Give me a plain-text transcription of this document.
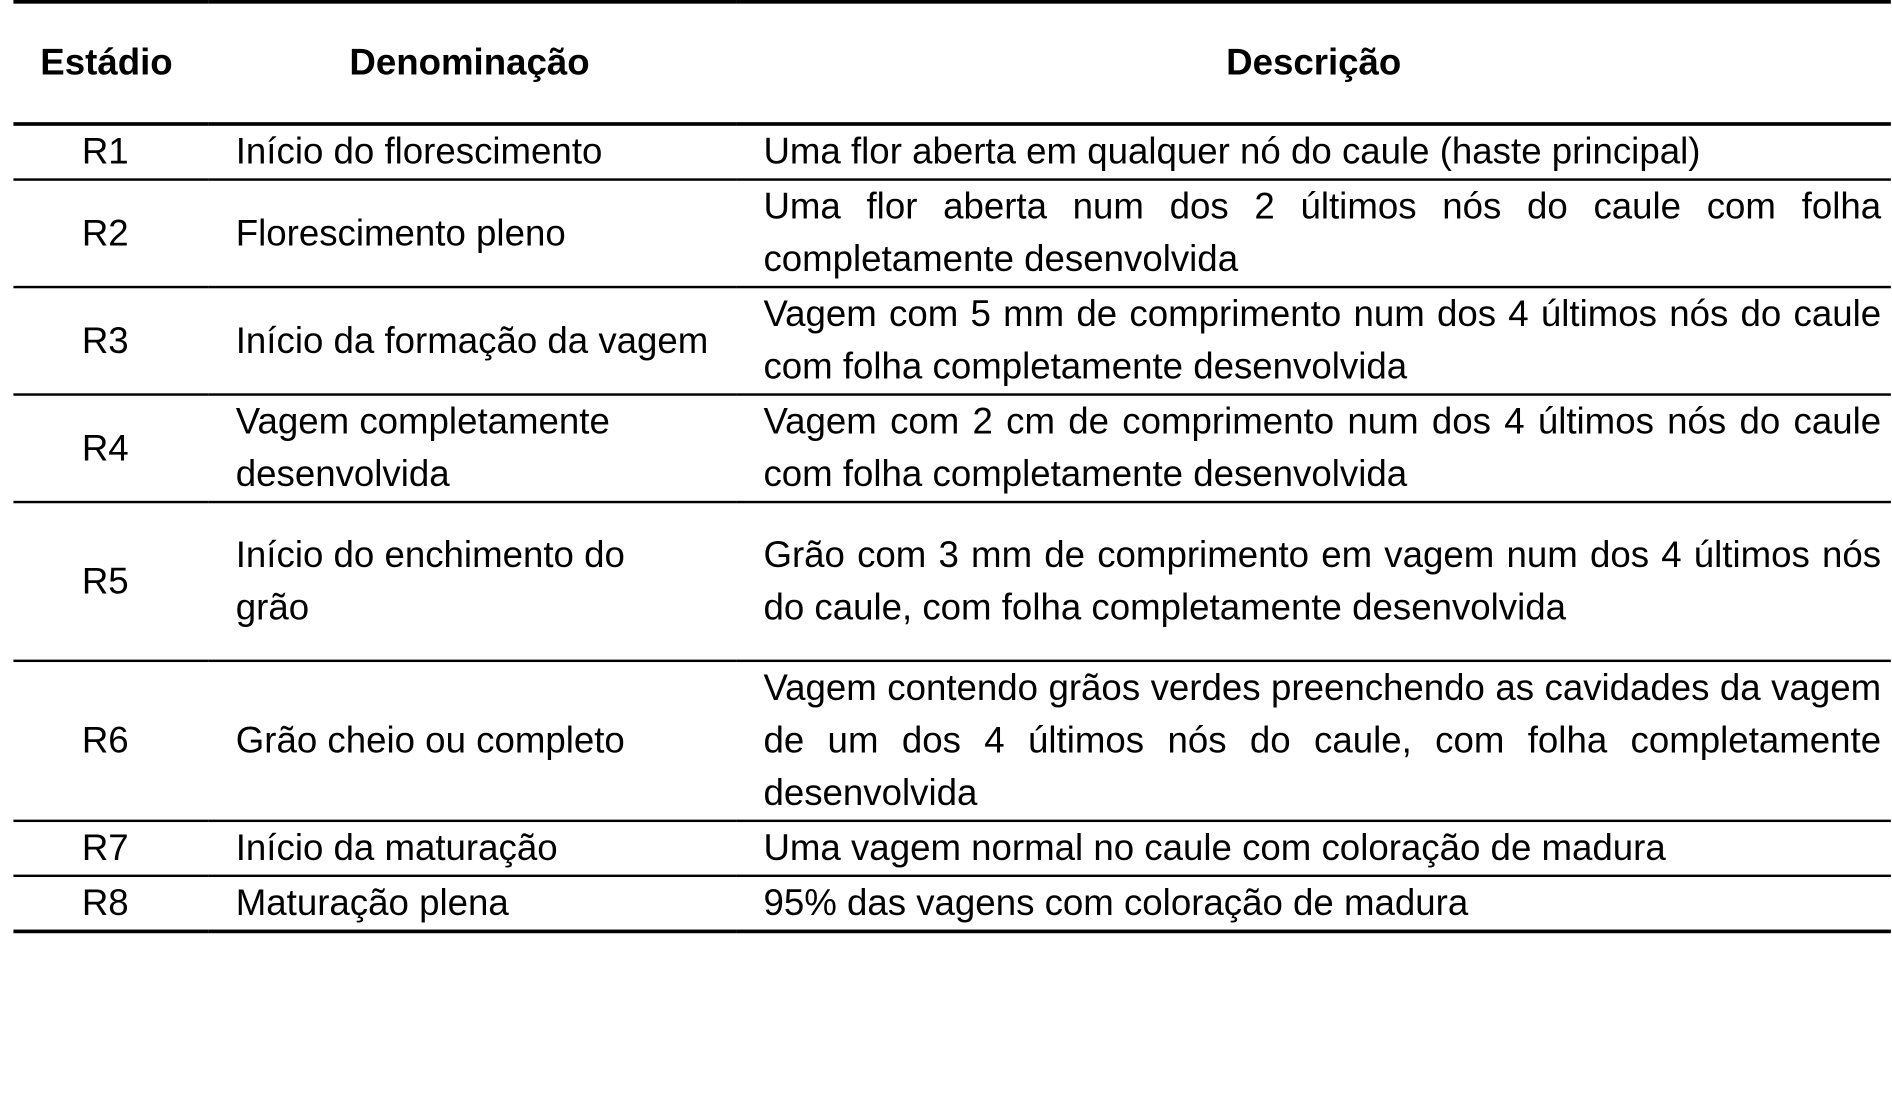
Estádio	Denominação	Descrição
R1	Início do florescimento	Uma flor aberta em qualquer nó do caule (haste principal)
R2	Florescimento pleno	Uma flor aberta num dos 2 últimos nós do caule com folha completamente desenvolvida
R3	Início da formação da vagem	Vagem com 5 mm de comprimento num dos 4 últimos nós do caule com folha completamente desenvolvida
R4	Vagem completamente desenvolvida	Vagem com 2 cm de comprimento num dos 4 últimos nós do caule com folha completamente desenvolvida
R5	Início do enchimento do grão	Grão com 3 mm de comprimento em vagem num dos 4 últimos nós do caule, com folha completamente desenvolvida
R6	Grão cheio ou completo	Vagem contendo grãos verdes preenchendo as cavidades da vagem de um dos 4 últimos nós do caule, com folha completamente desenvolvida
R7	Início da maturação	Uma vagem normal no caule com coloração de madura
R8	Maturação plena	95% das vagens com coloração de madura
